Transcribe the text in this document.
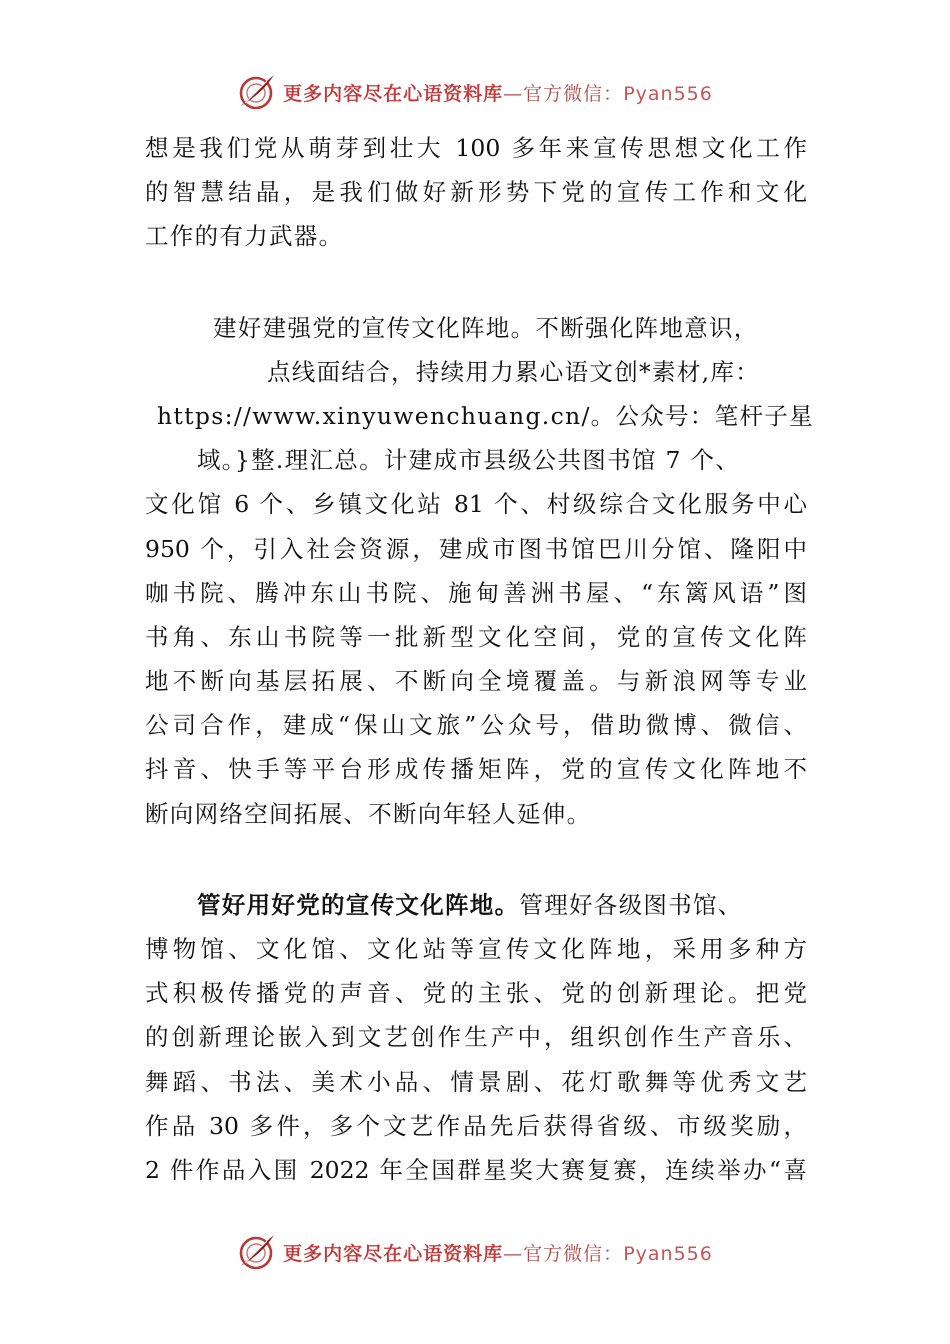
更多内容尽在心语资料库—官方微信：Pyan556
想是我们党从萌芽到壮大 100 多年来宣传思想文化工作
的智慧结晶，是我们做好新形势下党的宣传工作和文化
工作的有力武器。
建好建强党的宣传文化阵地。不断强化阵地意识，
点线面结合，持续用力累心语文创*素材,库：
https://www.xinyuwenchuang.cn/。公众号：笔杆子星
域。}整.理汇总。计建成市县级公共图书馆 7 个、
文化馆 6 个、乡镇文化站 81 个、村级综合文化服务中心
950 个，引入社会资源，建成市图书馆巴川分馆、隆阳中
咖书院、腾冲东山书院、施甸善洲书屋、“东篱风语”图
书角、东山书院等一批新型文化空间，党的宣传文化阵
地不断向基层拓展、不断向全境覆盖。与新浪网等专业
公司合作，建成“保山文旅”公众号，借助微博、微信、
抖音、快手等平台形成传播矩阵，党的宣传文化阵地不
断向网络空间拓展、不断向年轻人延伸。
管好用好党的宣传文化阵地。管理好各级图书馆、
博物馆、文化馆、文化站等宣传文化阵地，采用多种方
式积极传播党的声音、党的主张、党的创新理论。把党
的创新理论嵌入到文艺创作生产中，组织创作生产音乐、
舞蹈、书法、美术小品、情景剧、花灯歌舞等优秀文艺
作品 30 多件，多个文艺作品先后获得省级、市级奖励，
2 件作品入围 2022 年全国群星奖大赛复赛，连续举办“喜
更多内容尽在心语资料库—官方微信：Pyan556
